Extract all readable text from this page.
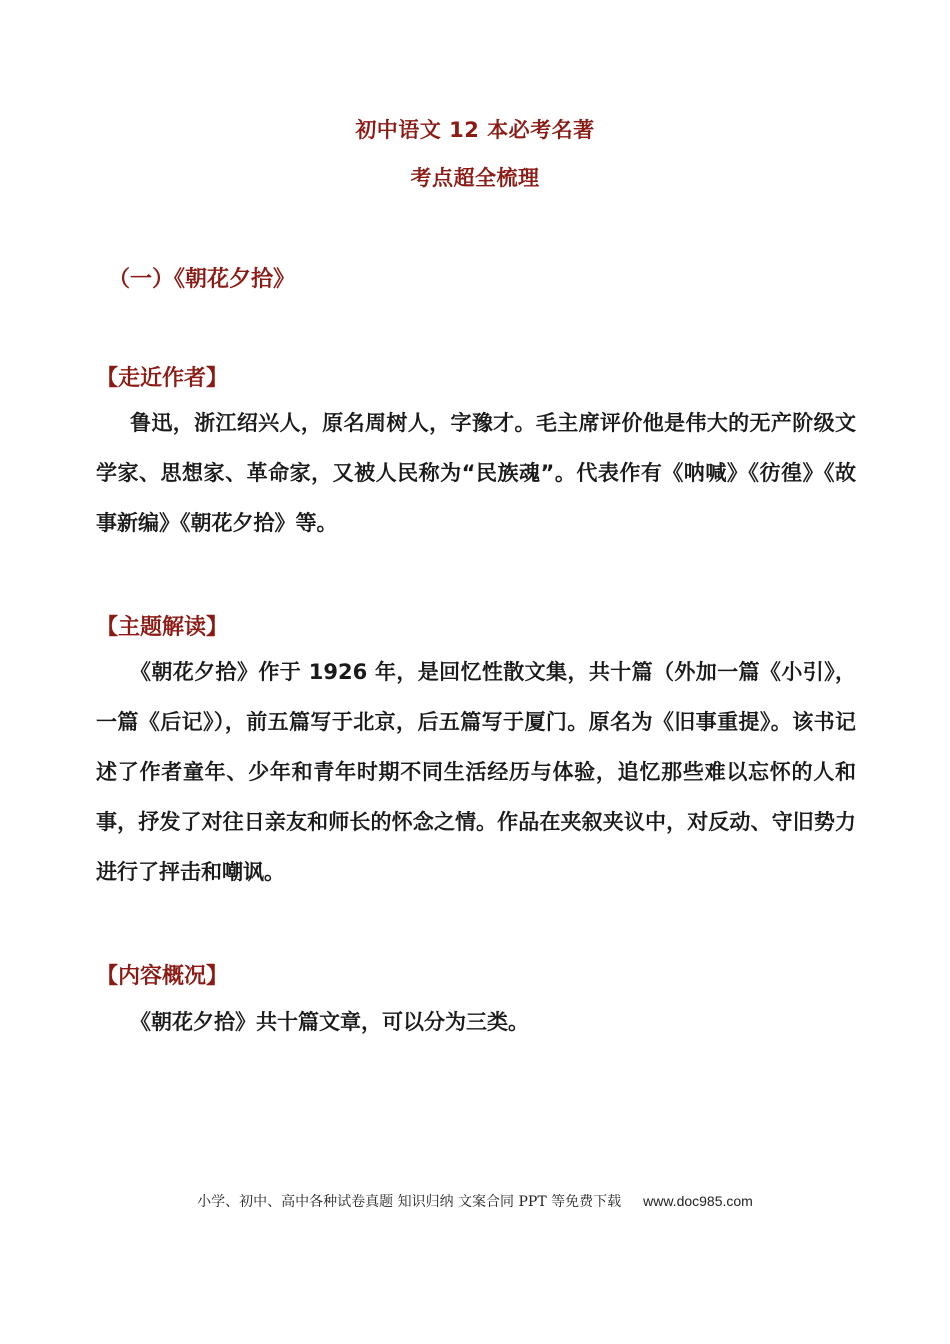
初中语文 12 本必考名著
考点超全梳理
（一）《朝花夕拾》
【走近作者】
鲁迅，浙江绍兴人，原名周树人，字豫才。毛主席评价他是伟大的无产阶级文学家、思想家、革命家，又被人民称为“民族魂”。代表作有《呐喊》《彷徨》《故事新编》《朝花夕拾》等。
【主题解读】
《朝花夕拾》作于 1926 年，是回忆性散文集，共十篇（外加一篇《小引》，一篇《后记》），前五篇写于北京，后五篇写于厦门。原名为《旧事重提》。该书记述了作者童年、少年和青年时期不同生活经历与体验，追忆那些难以忘怀的人和事，抒发了对往日亲友和师长的怀念之情。作品在夹叙夹议中，对反动、守旧势力进行了抨击和嘲讽。
【内容概况】
《朝花夕拾》共十篇文章，可以分为三类。
小学、初中、高中各种试卷真题 知识归纳 文案合同 PPT 等免费下载 www.doc985.com
